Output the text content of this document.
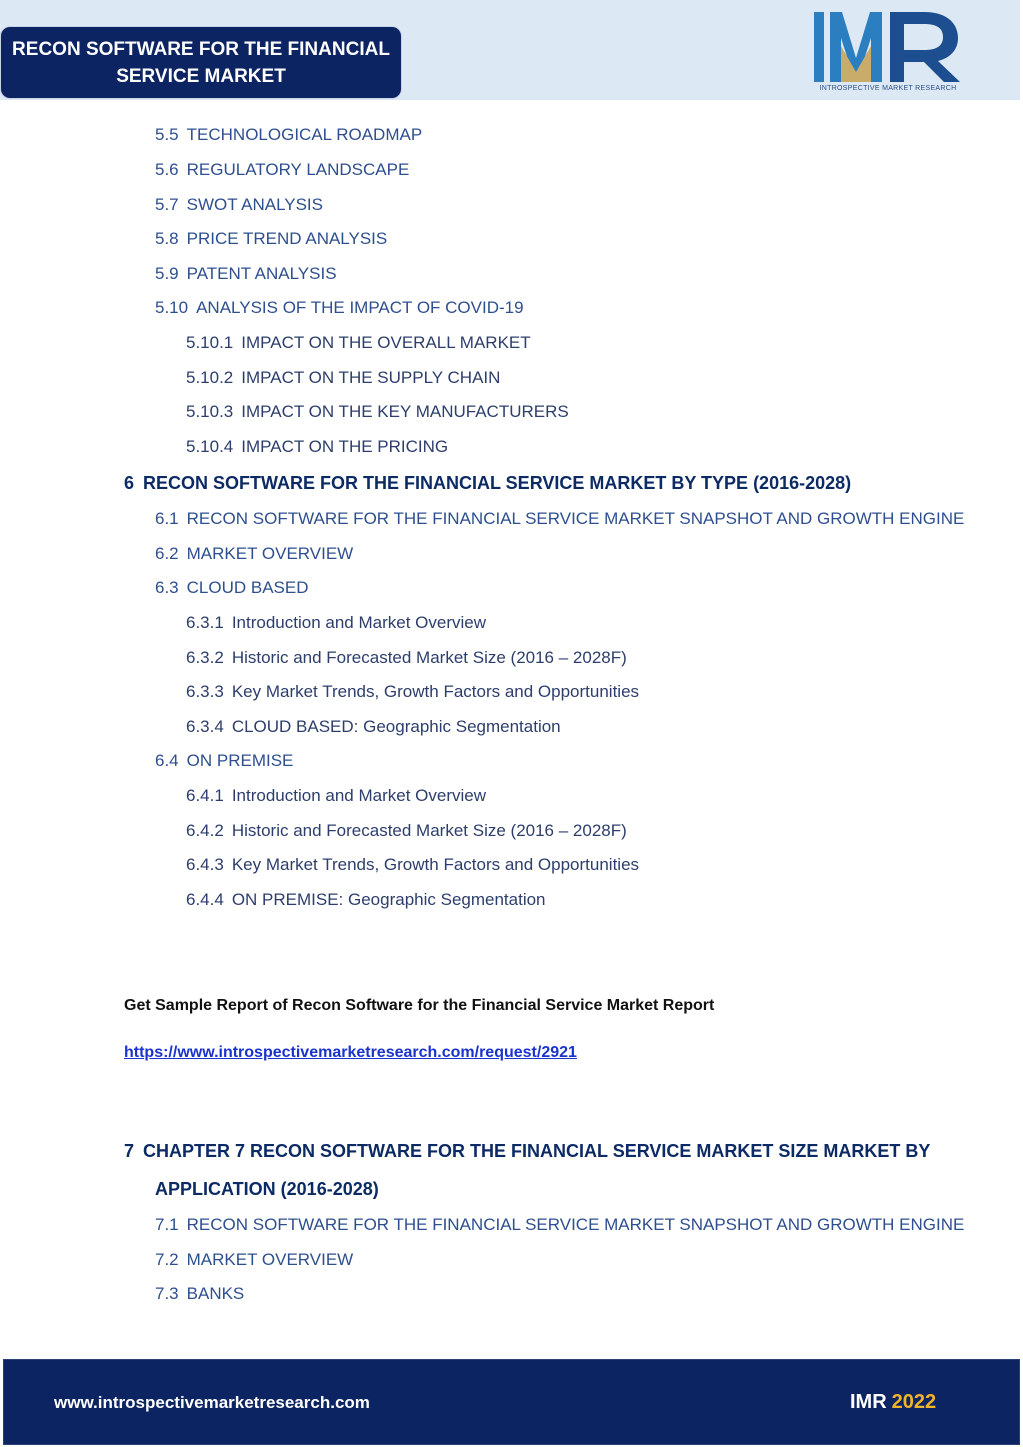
RECON SOFTWARE FOR THE FINANCIAL SERVICE MARKET
INTROSPECTIVE MARKET RESEARCH
5.5 TECHNOLOGICAL ROADMAP
5.6 REGULATORY LANDSCAPE
5.7 SWOT ANALYSIS
5.8 PRICE TREND ANALYSIS
5.9 PATENT ANALYSIS
5.10 ANALYSIS OF THE IMPACT OF COVID-19
5.10.1 IMPACT ON THE OVERALL MARKET
5.10.2 IMPACT ON THE SUPPLY CHAIN
5.10.3 IMPACT ON THE KEY MANUFACTURERS
5.10.4 IMPACT ON THE PRICING
6 RECON SOFTWARE FOR THE FINANCIAL SERVICE MARKET BY TYPE (2016-2028)
6.1 RECON SOFTWARE FOR THE FINANCIAL SERVICE MARKET SNAPSHOT AND GROWTH ENGINE
6.2 MARKET OVERVIEW
6.3 CLOUD BASED
6.3.1 Introduction and Market Overview
6.3.2 Historic and Forecasted Market Size (2016 – 2028F)
6.3.3 Key Market Trends, Growth Factors and Opportunities
6.3.4 CLOUD BASED: Geographic Segmentation
6.4 ON PREMISE
6.4.1 Introduction and Market Overview
6.4.2 Historic and Forecasted Market Size (2016 – 2028F)
6.4.3 Key Market Trends, Growth Factors and Opportunities
6.4.4 ON PREMISE: Geographic Segmentation
Get Sample Report of Recon Software for the Financial Service Market Report
https://www.introspectivemarketresearch.com/request/2921
7 CHAPTER 7 RECON SOFTWARE FOR THE FINANCIAL SERVICE MARKET SIZE MARKET BY
APPLICATION (2016-2028)
7.1 RECON SOFTWARE FOR THE FINANCIAL SERVICE MARKET SNAPSHOT AND GROWTH ENGINE
7.2 MARKET OVERVIEW
7.3 BANKS
www.introspectivemarketresearch.com	IMR 2022
